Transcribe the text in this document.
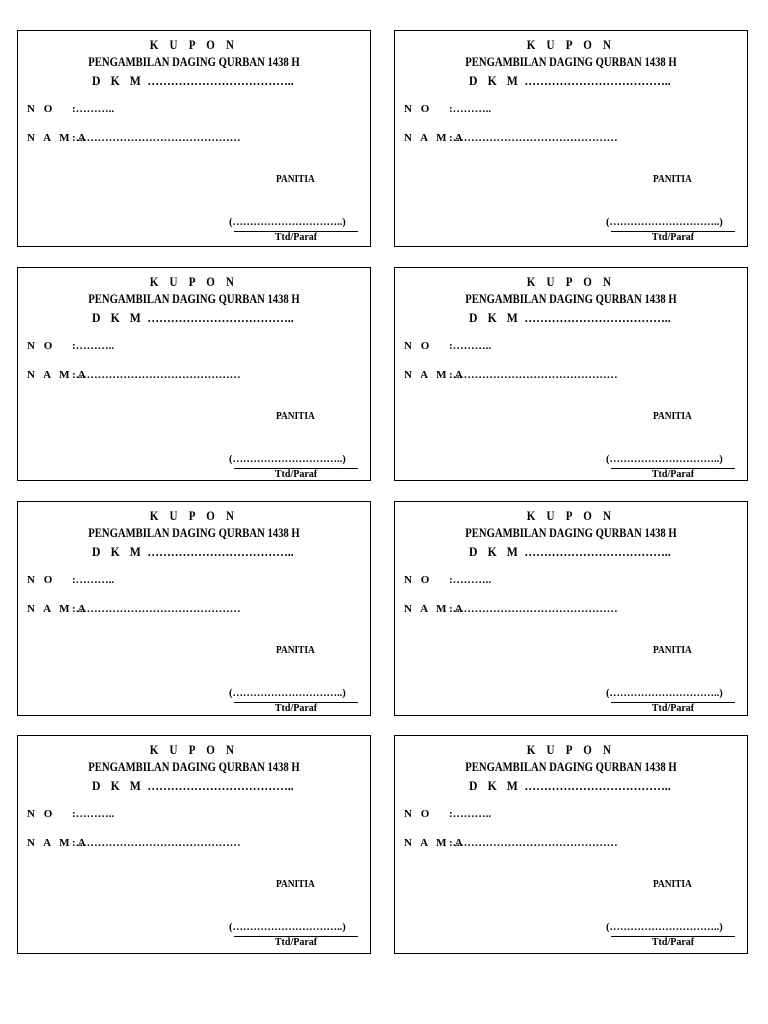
K U P O N
PENGAMBILAN DAGING QURBAN 1438 H
D K M ………………………………..
N O :………..
N A M A
:………………………………………
PANITIA
(…………………………..)
Ttd/Paraf
K U P O N
PENGAMBILAN DAGING QURBAN 1438 H
D K M ………………………………..
N O :………..
N A M A
:………………………………………
PANITIA
(…………………………..)
Ttd/Paraf
K U P O N
PENGAMBILAN DAGING QURBAN 1438 H
D K M ………………………………..
N O :………..
N A M A
:………………………………………
PANITIA
(…………………………..)
Ttd/Paraf
K U P O N
PENGAMBILAN DAGING QURBAN 1438 H
D K M ………………………………..
N O :………..
N A M A
:………………………………………
PANITIA
(…………………………..)
Ttd/Paraf
K U P O N
PENGAMBILAN DAGING QURBAN 1438 H
D K M ………………………………..
N O :………..
N A M A
:………………………………………
PANITIA
(…………………………..)
Ttd/Paraf
K U P O N
PENGAMBILAN DAGING QURBAN 1438 H
D K M ………………………………..
N O :………..
N A M A
:………………………………………
PANITIA
(…………………………..)
Ttd/Paraf
K U P O N
PENGAMBILAN DAGING QURBAN 1438 H
D K M ………………………………..
N O :………..
N A M A
:………………………………………
PANITIA
(…………………………..)
Ttd/Paraf
K U P O N
PENGAMBILAN DAGING QURBAN 1438 H
D K M ………………………………..
N O :………..
N A M A
:………………………………………
PANITIA
(…………………………..)
Ttd/Paraf
